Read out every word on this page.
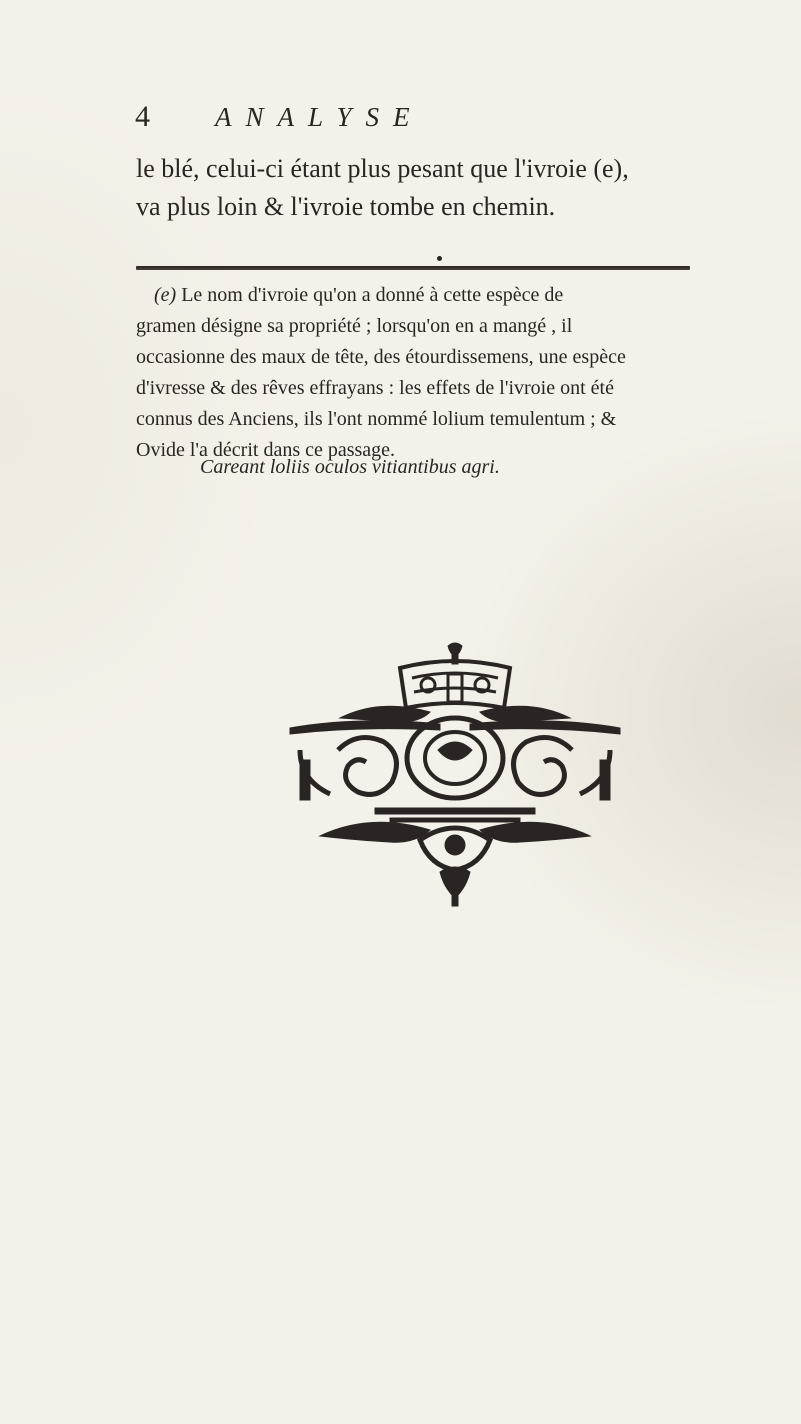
4 ANALYSE

le blé, celui-ci étant plus pesant que l'ivroie (e),

va plus loin & l'ivroie tombe en chemin.

(e) Le nom d'ivroie qu'on a donné à cette espèce de

gramen désigne sa propriété ; lorsqu'on en a mangé , il

occasionne des maux de tête, des étourdissemens, une espèce

d'ivresse & des rêves effrayans : les effets de l'ivroie ont été

connus des Anciens, ils l'ont nommé lolium temulentum ; &

Ovide l'a décrit dans ce passage.

Careant loliis oculos vitiantibus agri.
